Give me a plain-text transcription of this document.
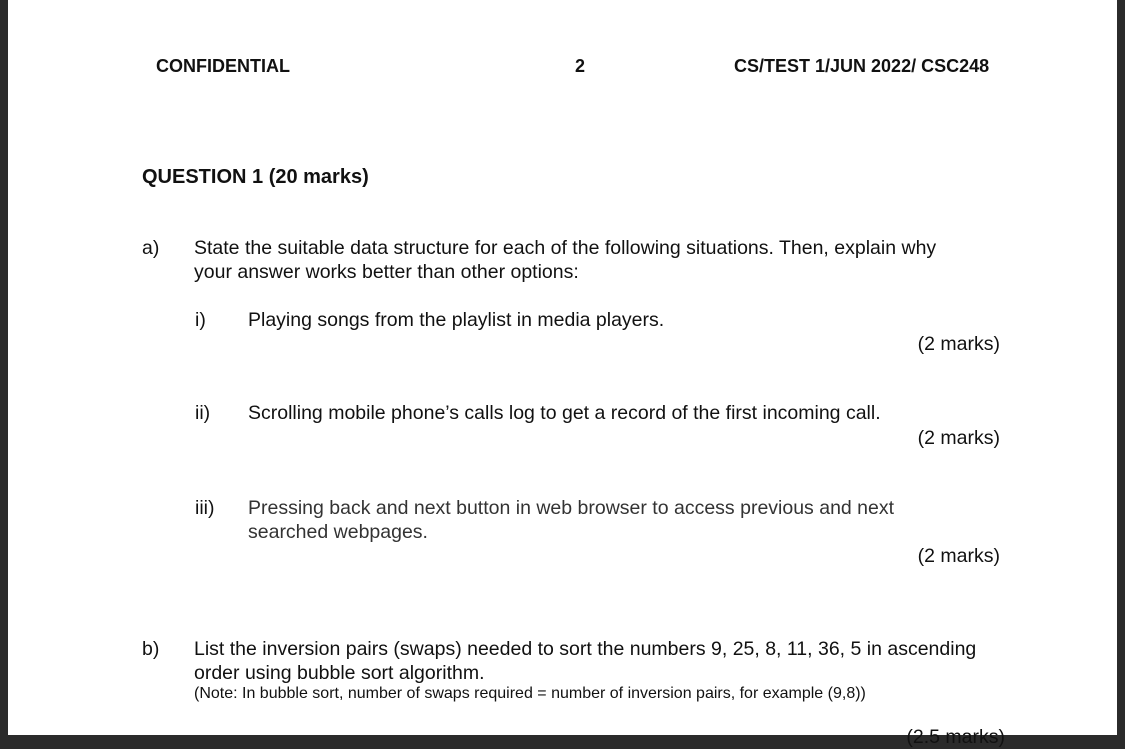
CONFIDENTIAL	2	CS/TEST 1/JUN 2022/ CSC248
QUESTION 1 (20 marks)
a) State the suitable data structure for each of the following situations. Then, explain why
your answer works better than other options:
i) Playing songs from the playlist in media players.
(2 marks)
ii) Scrolling mobile phone’s calls log to get a record of the first incoming call.
(2 marks)
iii) Pressing back and next button in web browser to access previous and next
searched webpages.
(2 marks)
b) List the inversion pairs (swaps) needed to sort the numbers 9, 25, 8, 11, 36, 5 in ascending
order using bubble sort algorithm.
(Note: In bubble sort, number of swaps required = number of inversion pairs, for example (9,8))
(2.5 marks)
